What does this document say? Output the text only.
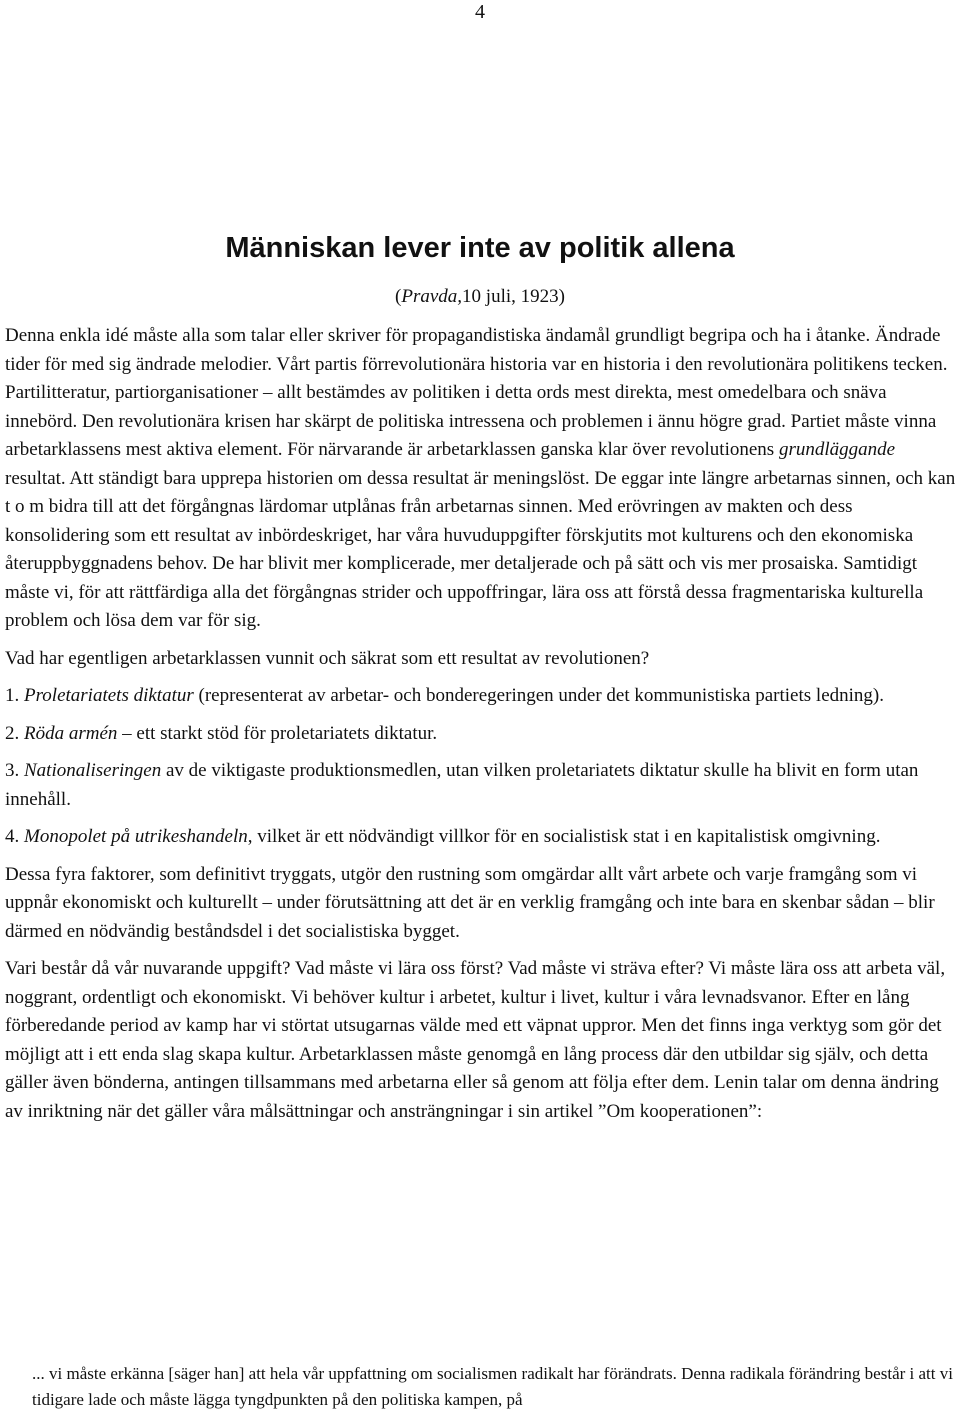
4
Människan lever inte av politik allena
(Pravda,10 juli, 1923)

Denna enkla idé måste alla som talar eller skriver för propagandistiska ändamål grundligt begripa och ha i åtanke. Ändrade tider för med sig ändrade melodier. Vårt partis förrevolutionära historia var en historia i den revolutionära politikens tecken. Partilitteratur, partiorganisationer – allt bestämdes av politiken i detta ords mest direkta, mest omedelbara och snäva innebörd. Den revolutionära krisen har skärpt de politiska intressena och problemen i ännu högre grad. Partiet måste vinna arbetarklassens mest aktiva element. För närvarande är arbetarklassen ganska klar över revolutionens grundläggande resultat. Att ständigt bara upprepa historien om dessa resultat är meningslöst. De eggar inte längre arbetarnas sinnen, och kan t o m bidra till att det förgångnas lärdomar utplånas från arbetarnas sinnen. Med erövringen av makten och dess konsolidering som ett resultat av inbördeskriget, har våra huvuduppgifter förskjutits mot kulturens och den ekonomiska återuppbyggnadens behov. De har blivit mer komplicerade, mer detaljerade och på sätt och vis mer prosaiska. Samtidigt måste vi, för att rättfärdiga alla det förgångnas strider och uppoffringar, lära oss att förstå dessa fragmentariska kulturella problem och lösa dem var för sig.

Vad har egentligen arbetarklassen vunnit och säkrat som ett resultat av revolutionen?

1. Proletariatets diktatur (representerat av arbetar- och bonderegeringen under det kommunistiska partiets ledning).

2. Röda armén – ett starkt stöd för proletariatets diktatur.

3. Nationaliseringen av de viktigaste produktionsmedlen, utan vilken proletariatets diktatur skulle ha blivit en form utan innehåll.

4. Monopolet på utrikeshandeln, vilket är ett nödvändigt villkor för en socialistisk stat i en kapitalistisk omgivning.

Dessa fyra faktorer, som definitivt tryggats, utgör den rustning som omgärdar allt vårt arbete och varje framgång som vi uppnår ekonomiskt och kulturellt – under förutsättning att det är en verklig framgång och inte bara en skenbar sådan – blir därmed en nödvändig beståndsdel i det socialistiska bygget.

Vari består då vår nuvarande uppgift? Vad måste vi lära oss först? Vad måste vi sträva efter? Vi måste lära oss att arbeta väl, noggrant, ordentligt och ekonomiskt. Vi behöver kultur i arbetet, kultur i livet, kultur i våra levnadsvanor. Efter en lång förberedande period av kamp har vi störtat utsugarnas välde med ett väpnat uppror. Men det finns inga verktyg som gör det möjligt att i ett enda slag skapa kultur. Arbetarklassen måste genomgå en lång process där den utbildar sig själv, och detta gäller även bönderna, antingen tillsammans med arbetarna eller så genom att följa efter dem. Lenin talar om denna ändring av inriktning när det gäller våra målsättningar och ansträngningar i sin artikel ”Om kooperationen”:

... vi måste erkänna [säger han] att hela vår uppfattning om socialismen radikalt har förändrats. Denna radikala förändring består i att vi tidigare lade och måste lägga tyngdpunkten på den politiska kampen, på
